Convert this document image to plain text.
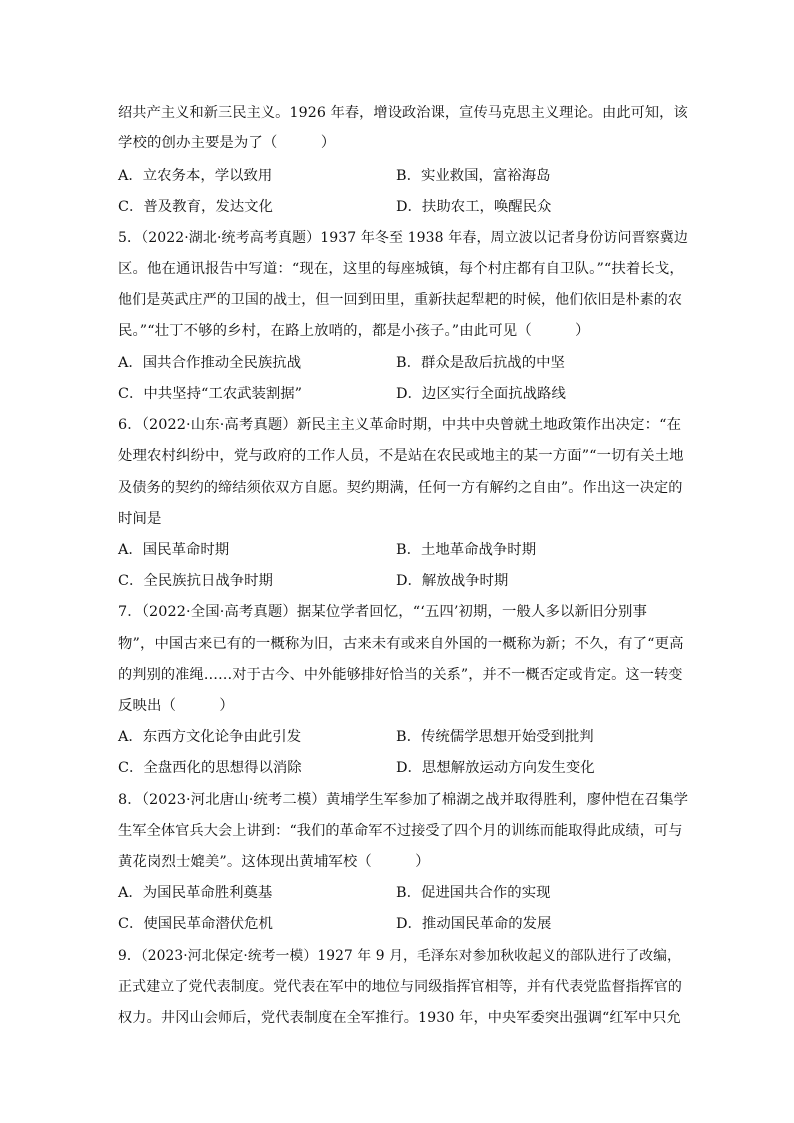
绍共产主义和新三民主义。1926 年春，增设政治课，宣传马克思主义理论。由此可知，该
学校的创办主要是为了（　　　）
A．立农务本，学以致用	B．实业救国，富裕海岛
C．普及教育，发达文化	D．扶助农工，唤醒民众
5．（2022·湖北·统考高考真题）1937 年冬至 1938 年春，周立波以记者身份访问晋察冀边
区。他在通讯报告中写道：“现在，这里的每座城镇，每个村庄都有自卫队。”“扶着长戈，
他们是英武庄严的卫国的战士，但一回到田里，重新扶起犁耙的时候，他们依旧是朴素的农
民。”“壮丁不够的乡村，在路上放哨的，都是小孩子。”由此可见（　　　）
A．国共合作推动全民族抗战	B．群众是敌后抗战的中坚
C．中共坚持“工农武装割据”	D．边区实行全面抗战路线
6．（2022·山东·高考真题）新民主主义革命时期，中共中央曾就土地政策作出决定：“在
处理农村纠纷中，党与政府的工作人员，不是站在农民或地主的某一方面”“一切有关土地
及债务的契约的缔结须依双方自愿。契约期满，任何一方有解约之自由”。作出这一决定的
时间是
A．国民革命时期	B．土地革命战争时期
C．全民族抗日战争时期	D．解放战争时期
7．（2022·全国·高考真题）据某位学者回忆，“‘五四’初期，一般人多以新旧分别事
物”，中国古来已有的一概称为旧，古来未有或来自外国的一概称为新；不久，有了“更高
的判别的准绳……对于古今、中外能够排好恰当的关系”，并不一概否定或肯定。这一转变
反映出（　　　）
A．东西方文化论争由此引发	B．传统儒学思想开始受到批判
C．全盘西化的思想得以消除	D．思想解放运动方向发生变化
8．（2023·河北唐山·统考二模）黄埔学生军参加了棉湖之战并取得胜利，廖仲恺在召集学
生军全体官兵大会上讲到：“我们的革命军不过接受了四个月的训练而能取得此成绩，可与
黄花岗烈士媲美”。这体现出黄埔军校（　　　）
A．为国民革命胜利奠基	B．促进国共合作的实现
C．使国民革命潜伏危机	D．推动国民革命的发展
9．（2023·河北保定·统考一模）1927 年 9 月，毛泽东对参加秋收起义的部队进行了改编，
正式建立了党代表制度。党代表在军中的地位与同级指挥官相等，并有代表党监督指挥官的
权力。井冈山会师后，党代表制度在全军推行。1930 年，中央军委突出强调“红军中只允
